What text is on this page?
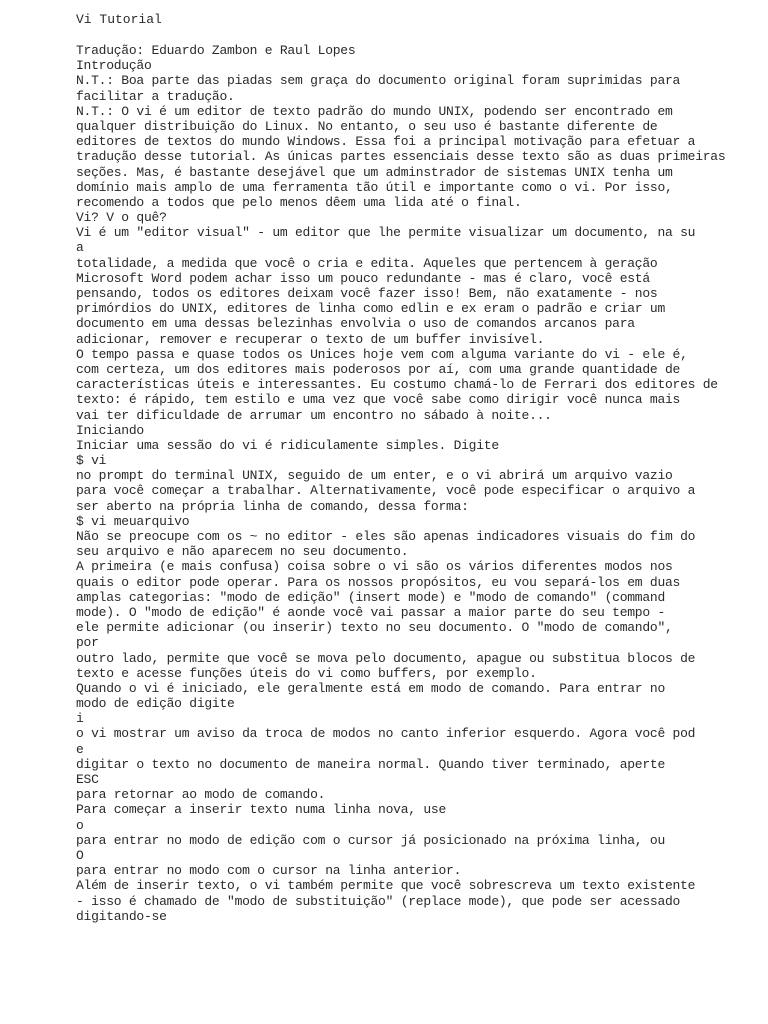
Vi Tutorial
Tradução: Eduardo Zambon e Raul Lopes
Introdução
N.T.: Boa parte das piadas sem graça do documento original foram suprimidas para
facilitar a tradução.
N.T.: O vi é um editor de texto padrão do mundo UNIX, podendo ser encontrado em
qualquer distribuição do Linux. No entanto, o seu uso é bastante diferente de
editores de textos do mundo Windows. Essa foi a principal motivação para efetuar a
tradução desse tutorial. As únicas partes essenciais desse texto são as duas primeiras
seções. Mas, é bastante desejável que um adminstrador de sistemas UNIX tenha um
domínio mais amplo de uma ferramenta tão útil e importante como o vi. Por isso,
recomendo a todos que pelo menos dêem uma lida até o final.
Vi? V o quê?
Vi é um "editor visual" - um editor que lhe permite visualizar um documento, na su
a
totalidade, a medida que você o cria e edita. Aqueles que pertencem à geração
Microsoft Word podem achar isso um pouco redundante - mas é claro, você está
pensando, todos os editores deixam você fazer isso! Bem, não exatamente - nos
primórdios do UNIX, editores de linha como edlin e ex eram o padrão e criar um
documento em uma dessas belezinhas envolvia o uso de comandos arcanos para
adicionar, remover e recuperar o texto de um buffer invisível.
O tempo passa e quase todos os Unices hoje vem com alguma variante do vi - ele é,
com certeza, um dos editores mais poderosos por aí, com uma grande quantidade de
características úteis e interessantes. Eu costumo chamá-lo de Ferrari dos editores de
texto: é rápido, tem estilo e uma vez que você sabe como dirigir você nunca mais
vai ter dificuldade de arrumar um encontro no sábado à noite...
Iniciando
Iniciar uma sessão do vi é ridiculamente simples. Digite
$ vi
no prompt do terminal UNIX, seguido de um enter, e o vi abrirá um arquivo vazio
para você começar a trabalhar. Alternativamente, você pode especificar o arquivo a
ser aberto na própria linha de comando, dessa forma:
$ vi meuarquivo
Não se preocupe com os ~ no editor - eles são apenas indicadores visuais do fim do
seu arquivo e não aparecem no seu documento.
A primeira (e mais confusa) coisa sobre o vi são os vários diferentes modos nos
quais o editor pode operar. Para os nossos propósitos, eu vou separá-los em duas
amplas categorias: "modo de edição" (insert mode) e "modo de comando" (command
mode). O "modo de edição" é aonde você vai passar a maior parte do seu tempo -
ele permite adicionar (ou inserir) texto no seu documento. O "modo de comando",
por
outro lado, permite que você se mova pelo documento, apague ou substitua blocos de
texto e acesse funções úteis do vi como buffers, por exemplo.
Quando o vi é iniciado, ele geralmente está em modo de comando. Para entrar no
modo de edição digite
i
o vi mostrar um aviso da troca de modos no canto inferior esquerdo. Agora você pod
e
digitar o texto no documento de maneira normal. Quando tiver terminado, aperte
ESC
para retornar ao modo de comando.
Para começar a inserir texto numa linha nova, use
o
para entrar no modo de edição com o cursor já posicionado na próxima linha, ou
O
para entrar no modo com o cursor na linha anterior.
Além de inserir texto, o vi também permite que você sobrescreva um texto existente
- isso é chamado de "modo de substituição" (replace mode), que pode ser acessado
digitando-se
